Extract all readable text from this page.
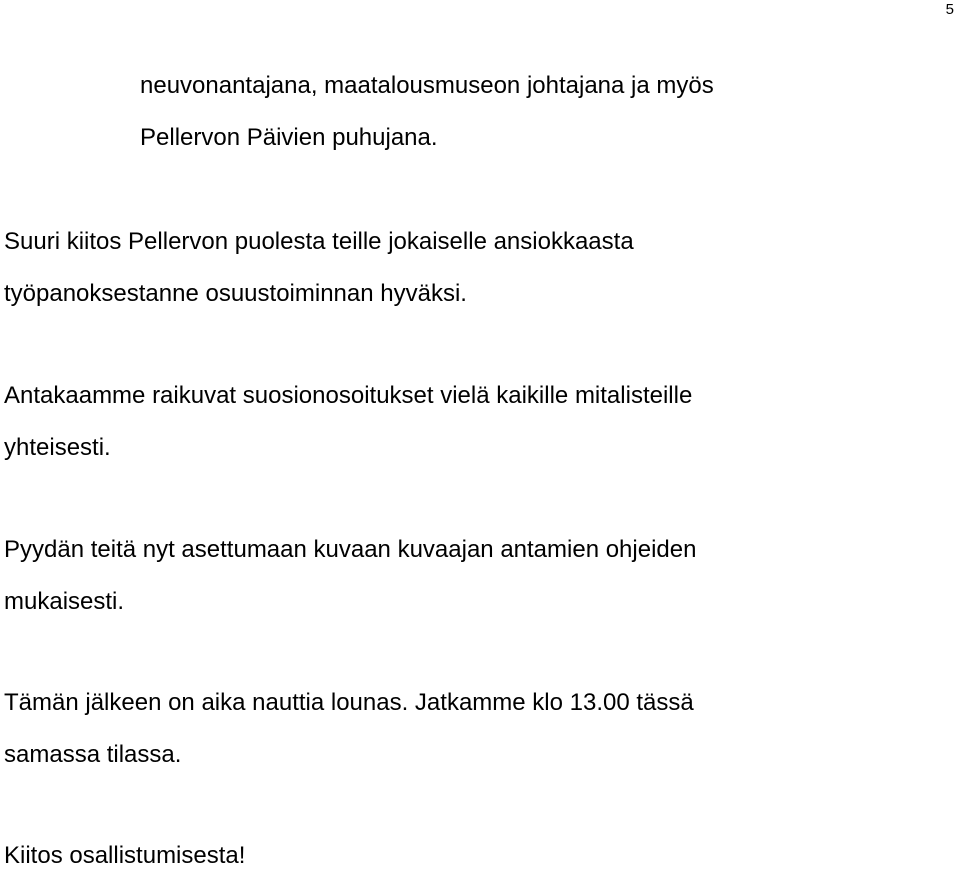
5

neuvonantajana, maatalousmuseon johtajana ja myös
Pellervon Päivien puhujana.

Suuri kiitos Pellervon puolesta teille jokaiselle ansiokkaasta
työpanoksestanne osuustoiminnan hyväksi.

Antakaamme raikuvat suosionosoitukset vielä kaikille mitalisteille
yhteisesti.

Pyydän teitä nyt asettumaan kuvaan kuvaajan antamien ohjeiden
mukaisesti.

Tämän jälkeen on aika nauttia lounas. Jatkamme klo 13.00 tässä
samassa tilassa.

Kiitos osallistumisesta!
